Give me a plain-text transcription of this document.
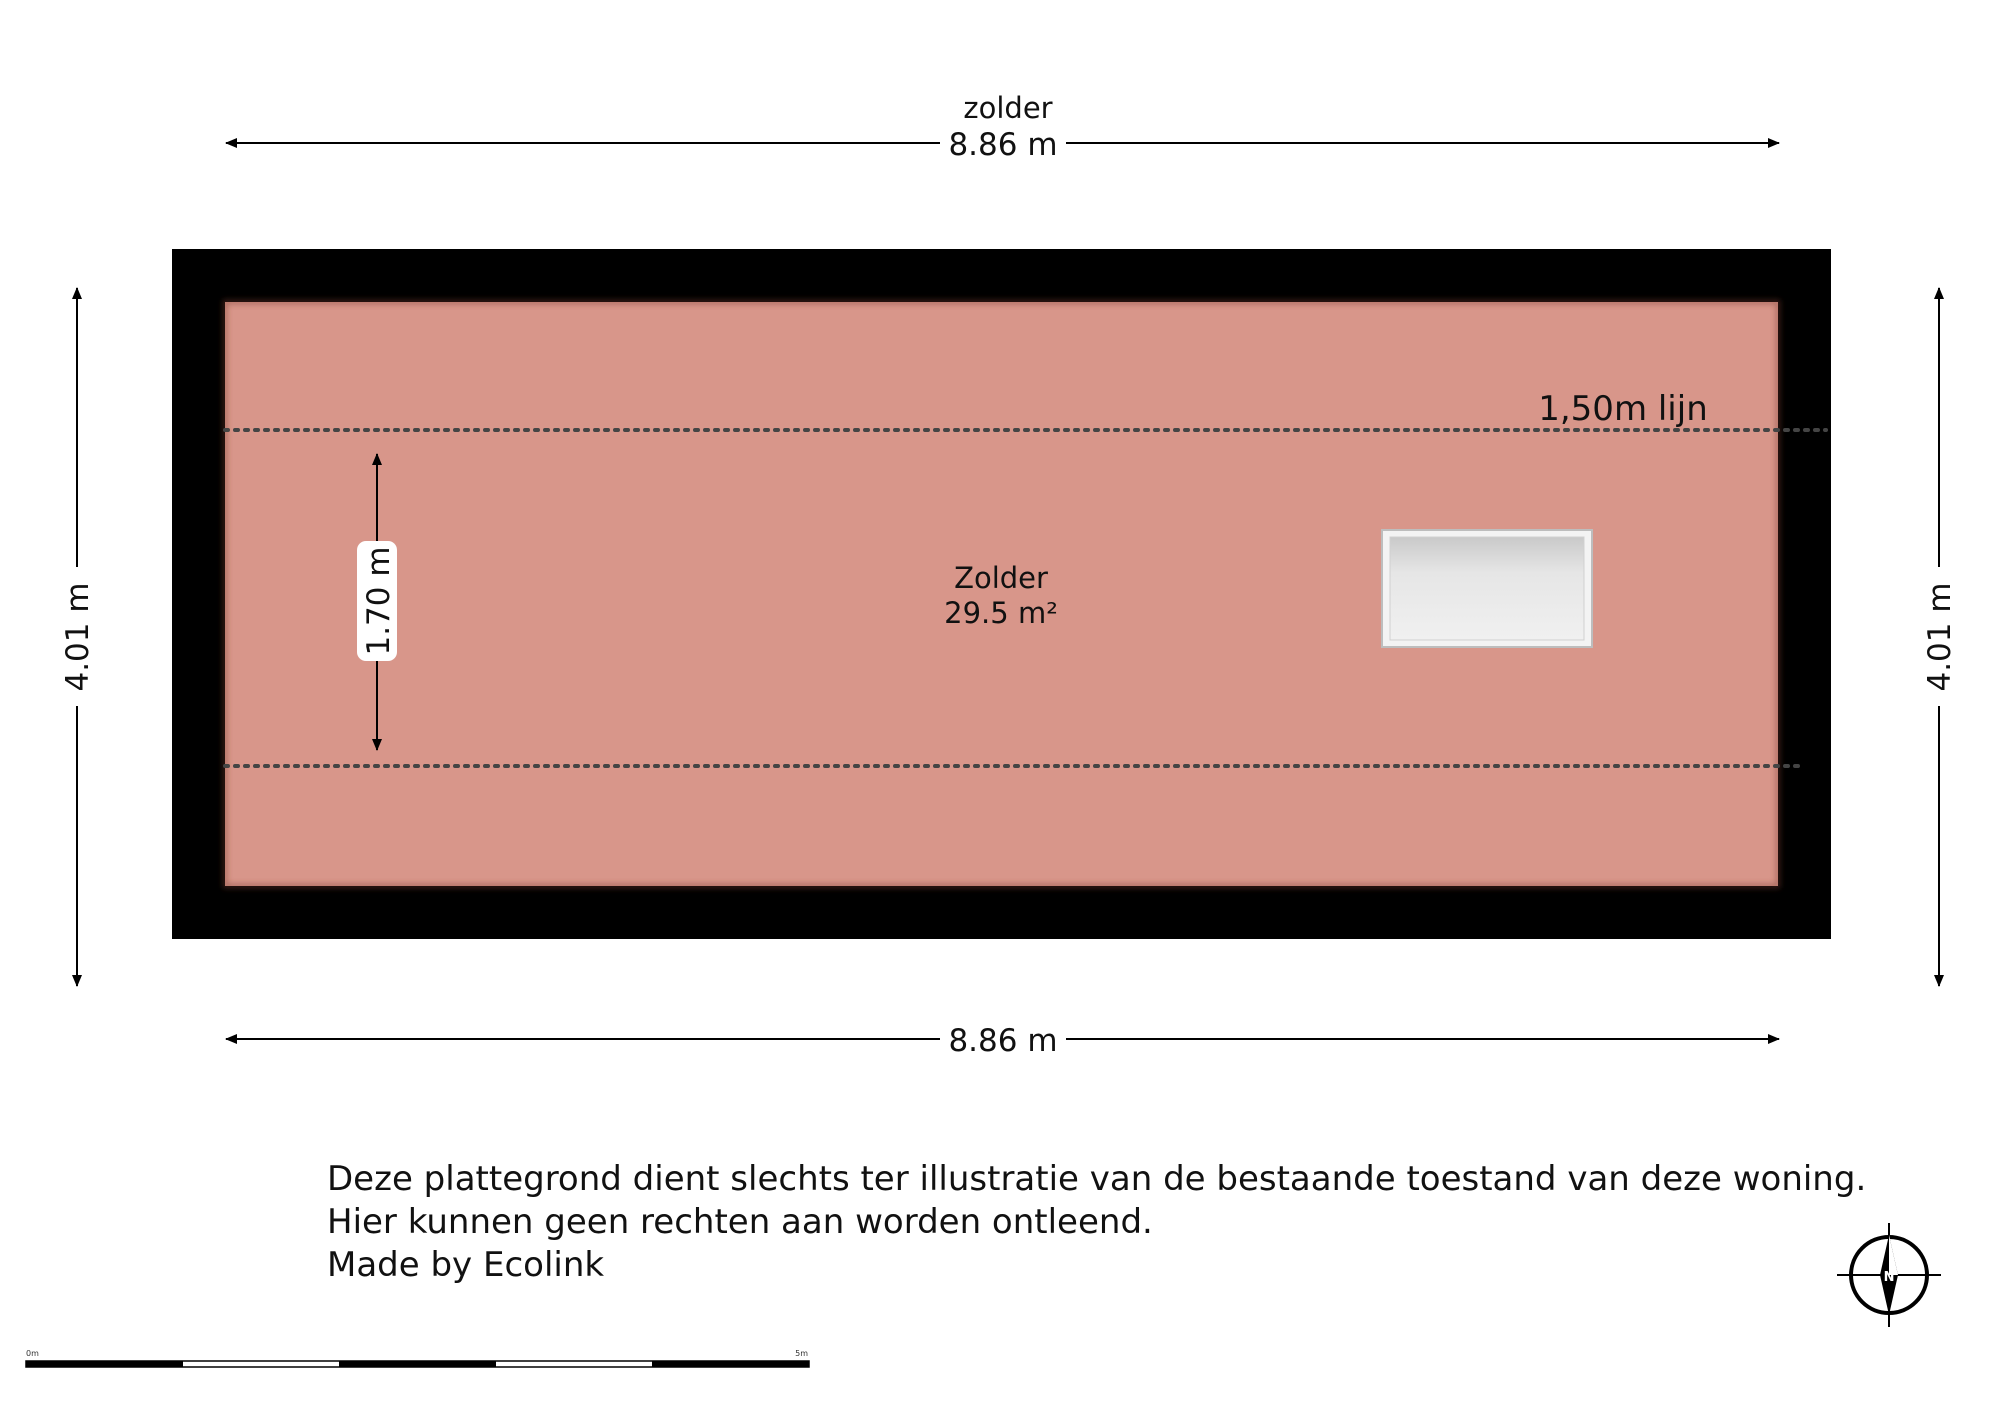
zolder
8.86 m
1,50m lijn
1.70 m	Zolder
29.5 m²
4.01 m	4.01 m
8.86 m
N
0m	5m
Deze plattegrond dient slechts ter illustratie van de bestaande toestand van deze woning.
Hier kunnen geen rechten aan worden ontleend.
Made by Ecolink
